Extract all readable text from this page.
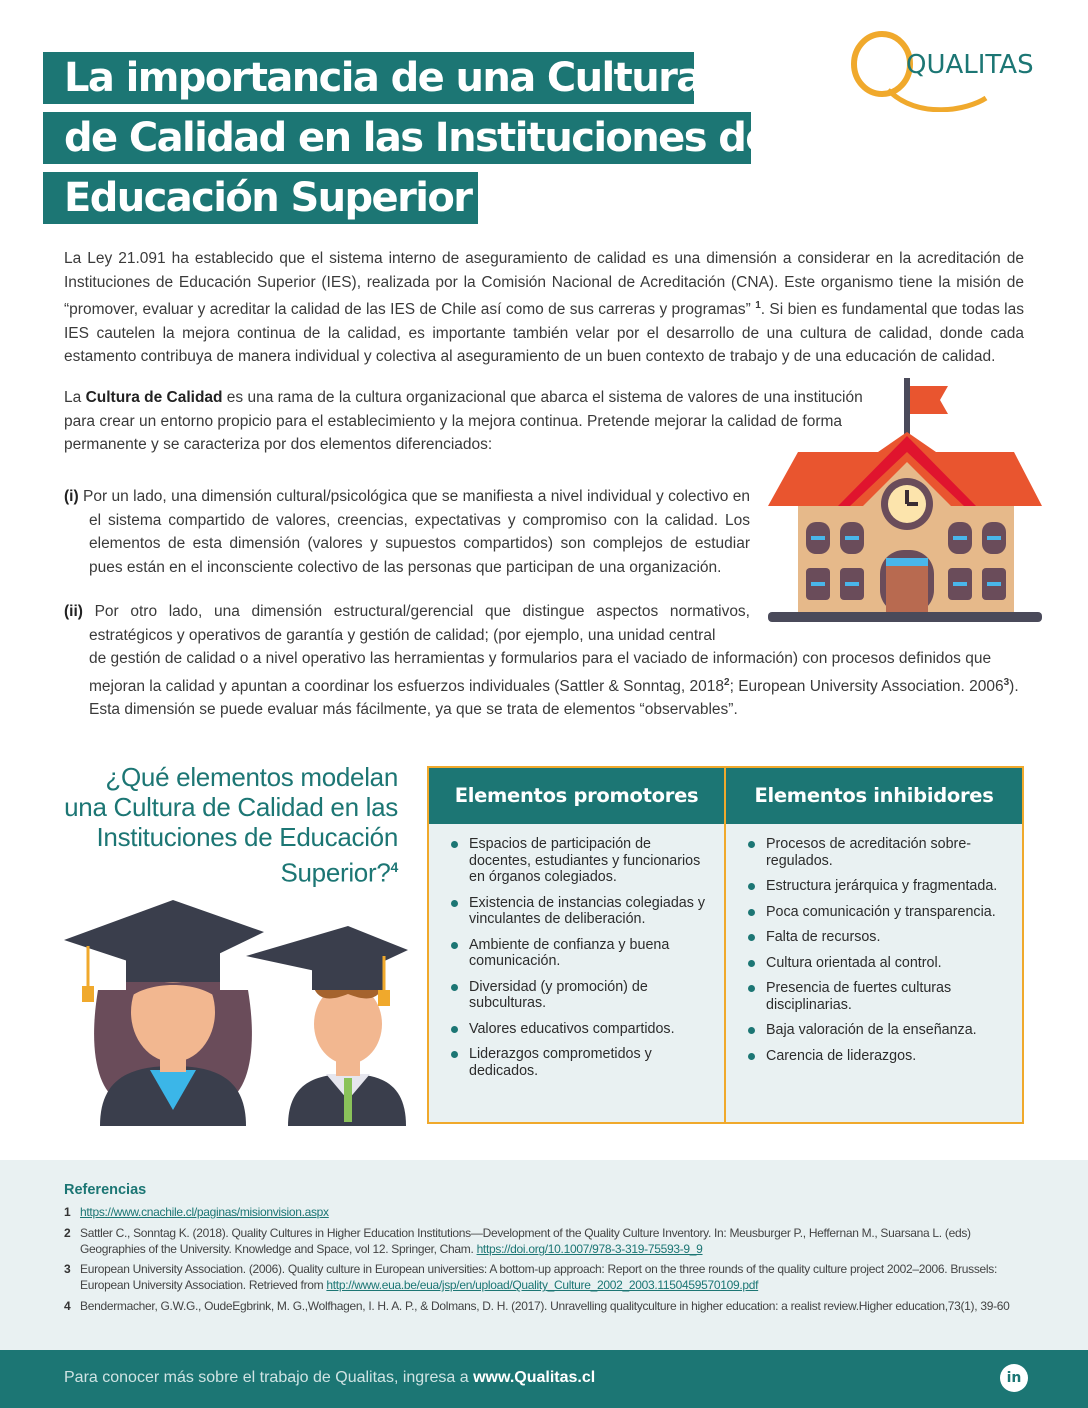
La importancia de una Cultura
de Calidad en las Instituciones de
Educación Superior
QUALITAS

La Ley 21.091 ha establecido que el sistema interno de aseguramiento de calidad es una dimensión a considerar en la acreditación de Instituciones de Educación Superior (IES), realizada por la Comisión Nacional de Acreditación (CNA). Este organismo tiene la misión de “promover, evaluar y acreditar la calidad de las IES de Chile así como de sus carreras y programas” $^1$. Si bien es fundamental que todas las IES cautelen la mejora continua de la calidad, es importante también velar por el desarrollo de una cultura de calidad, donde cada estamento contribuya de manera individual y colectiva al aseguramiento de un buen contexto de trabajo y de una educación de calidad.

La Cultura de Calidad es una rama de la cultura organizacional que abarca el sistema de valores de una institución para crear un entorno propicio para el establecimiento y la mejora continua. Pretende mejorar la calidad de forma permanente y se caracteriza por dos elementos diferenciados:

(i) Por un lado, una dimensión cultural/psicológica que se manifiesta a nivel individual y colectivo en el sistema compartido de valores, creencias, expectativas y compromiso con la calidad. Los elementos de esta dimensión (valores y supuestos compartidos) son complejos de estudiar pues están en el inconsciente colectivo de las personas que participan de una organización.

(ii) Por otro lado, una dimensión estructural/gerencial que distingue aspectos normativos, estratégicos y operativos de garantía y gestión de calidad; (por ejemplo, una unidad central

de gestión de calidad o a nivel operativo las herramientas y formularios para el vaciado de información) con procesos definidos que mejoran la calidad y apuntan a coordinar los esfuerzos individuales (Sattler & Sonntag, 2018$^2$; European University Association. 2006$^3$). Esta dimensión se puede evaluar más fácilmente, ya que se trata de elementos “observables”.

¿Qué elementos modelan una Cultura de Calidad en las Instituciones de Educación Superior?$^4$
Elementos promotores
Espacios de participación de docentes, estudiantes y funcionarios en órganos colegiados.
Existencia de instancias colegiadas y vinculantes de deliberación.
Ambiente de confianza y buena comunicación.
Diversidad (y promoción) de subculturas.
Valores educativos compartidos.
Liderazgos comprometidos y dedicados.
Elementos inhibidores
Procesos de acreditación sobre-regulados.
Estructura jerárquica y fragmentada.
Poca comunicación y transparencia.
Falta de recursos.
Cultura orientada al control.
Presencia de fuertes culturas disciplinarias.
Baja valoración de la enseñanza.
Carencia de liderazgos.
Referencias
1 https://www.cnachile.cl/paginas/misionvision.aspx
2 Sattler C., Sonntag K. (2018). Quality Cultures in Higher Education Institutions—Development of the Quality Culture Inventory. In: Meusburger P., Heffernan M., Suarsana L. (eds) Geographies of the University. Knowledge and Space, vol 12. Springer, Cham. https://doi.org/10.1007/978-3-319-75593-9_9
3 European University Association. (2006). Quality culture in European universities: A bottom-up approach: Report on the three rounds of the quality culture project 2002–2006. Brussels: European University Association. Retrieved from http://www.eua.be/eua/jsp/en/upload/Quality_Culture_2002_2003.1150459570109.pdf
4 Bendermacher, G.W.G., OudeEgbrink, M. G.,Wolfhagen, I. H. A. P., & Dolmans, D. H. (2017). Unravelling qualityculture in higher education: a realist review.Higher education,73(1), 39-60
Para conocer más sobre el trabajo de Qualitas, ingresa a www.Qualitas.cl	in
